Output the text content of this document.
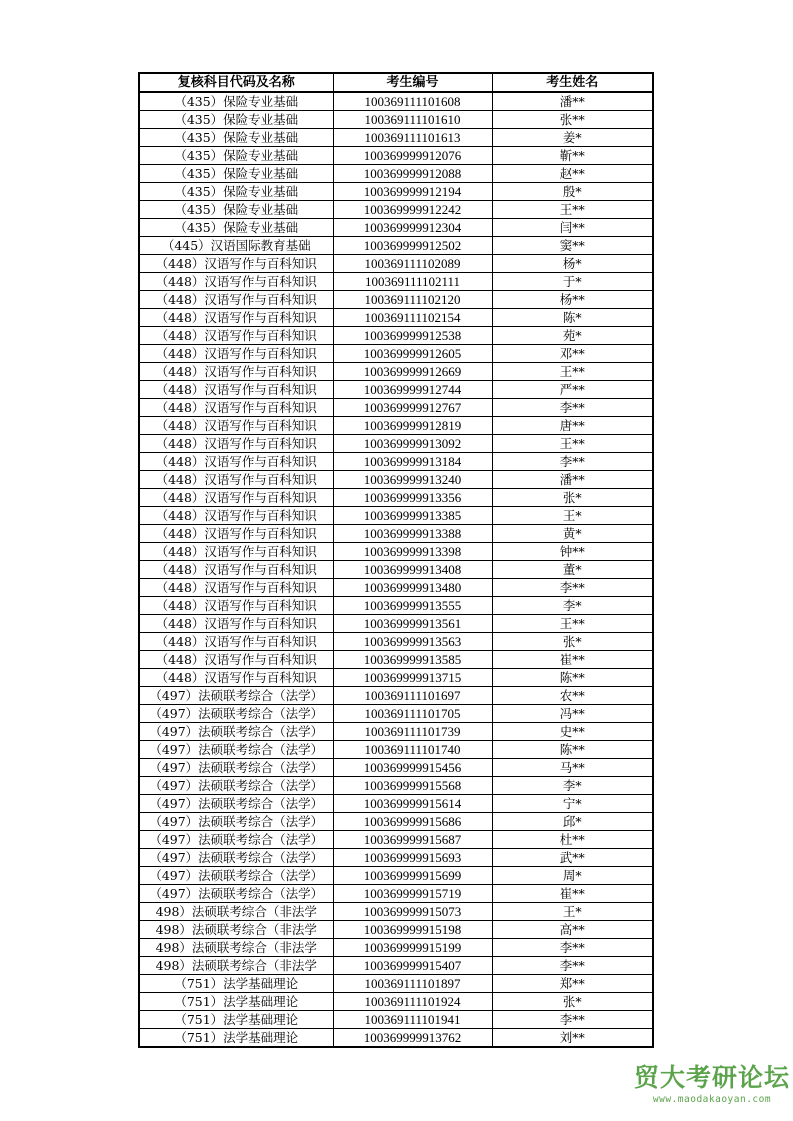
复核科目代码及名称	考生编号	考生姓名
（435）保险专业基础	100369111101608	潘**
（435）保险专业基础	100369111101610	张**
（435）保险专业基础	100369111101613	姜*
（435）保险专业基础	100369999912076	靳**
（435）保险专业基础	100369999912088	赵**
（435）保险专业基础	100369999912194	殷*
（435）保险专业基础	100369999912242	王**
（435）保险专业基础	100369999912304	闫**
（445）汉语国际教育基础	100369999912502	窦**
（448）汉语写作与百科知识	100369111102089	杨*
（448）汉语写作与百科知识	100369111102111	于*
（448）汉语写作与百科知识	100369111102120	杨**
（448）汉语写作与百科知识	100369111102154	陈*
（448）汉语写作与百科知识	100369999912538	苑*
（448）汉语写作与百科知识	100369999912605	邓**
（448）汉语写作与百科知识	100369999912669	王**
（448）汉语写作与百科知识	100369999912744	严**
（448）汉语写作与百科知识	100369999912767	李**
（448）汉语写作与百科知识	100369999912819	唐**
（448）汉语写作与百科知识	100369999913092	王**
（448）汉语写作与百科知识	100369999913184	李**
（448）汉语写作与百科知识	100369999913240	潘**
（448）汉语写作与百科知识	100369999913356	张*
（448）汉语写作与百科知识	100369999913385	王*
（448）汉语写作与百科知识	100369999913388	黄*
（448）汉语写作与百科知识	100369999913398	钟**
（448）汉语写作与百科知识	100369999913408	董*
（448）汉语写作与百科知识	100369999913480	李**
（448）汉语写作与百科知识	100369999913555	李*
（448）汉语写作与百科知识	100369999913561	王**
（448）汉语写作与百科知识	100369999913563	张*
（448）汉语写作与百科知识	100369999913585	崔**
（448）汉语写作与百科知识	100369999913715	陈**
（497）法硕联考综合（法学）	100369111101697	农**
（497）法硕联考综合（法学）	100369111101705	冯**
（497）法硕联考综合（法学）	100369111101739	史**
（497）法硕联考综合（法学）	100369111101740	陈**
（497）法硕联考综合（法学）	100369999915456	马**
（497）法硕联考综合（法学）	100369999915568	李*
（497）法硕联考综合（法学）	100369999915614	宁*
（497）法硕联考综合（法学）	100369999915686	邱*
（497）法硕联考综合（法学）	100369999915687	杜**
（497）法硕联考综合（法学）	100369999915693	武**
（497）法硕联考综合（法学）	100369999915699	周*
（497）法硕联考综合（法学）	100369999915719	崔**
498）法硕联考综合（非法学	100369999915073	王*
498）法硕联考综合（非法学	100369999915198	高**
498）法硕联考综合（非法学	100369999915199	李**
498）法硕联考综合（非法学	100369999915407	李**
（751）法学基础理论	100369111101897	郑**
（751）法学基础理论	100369111101924	张*
（751）法学基础理论	100369111101941	李**
（751）法学基础理论	100369999913762	刘**
贸大考研论坛
www.maodakaoyan.com
